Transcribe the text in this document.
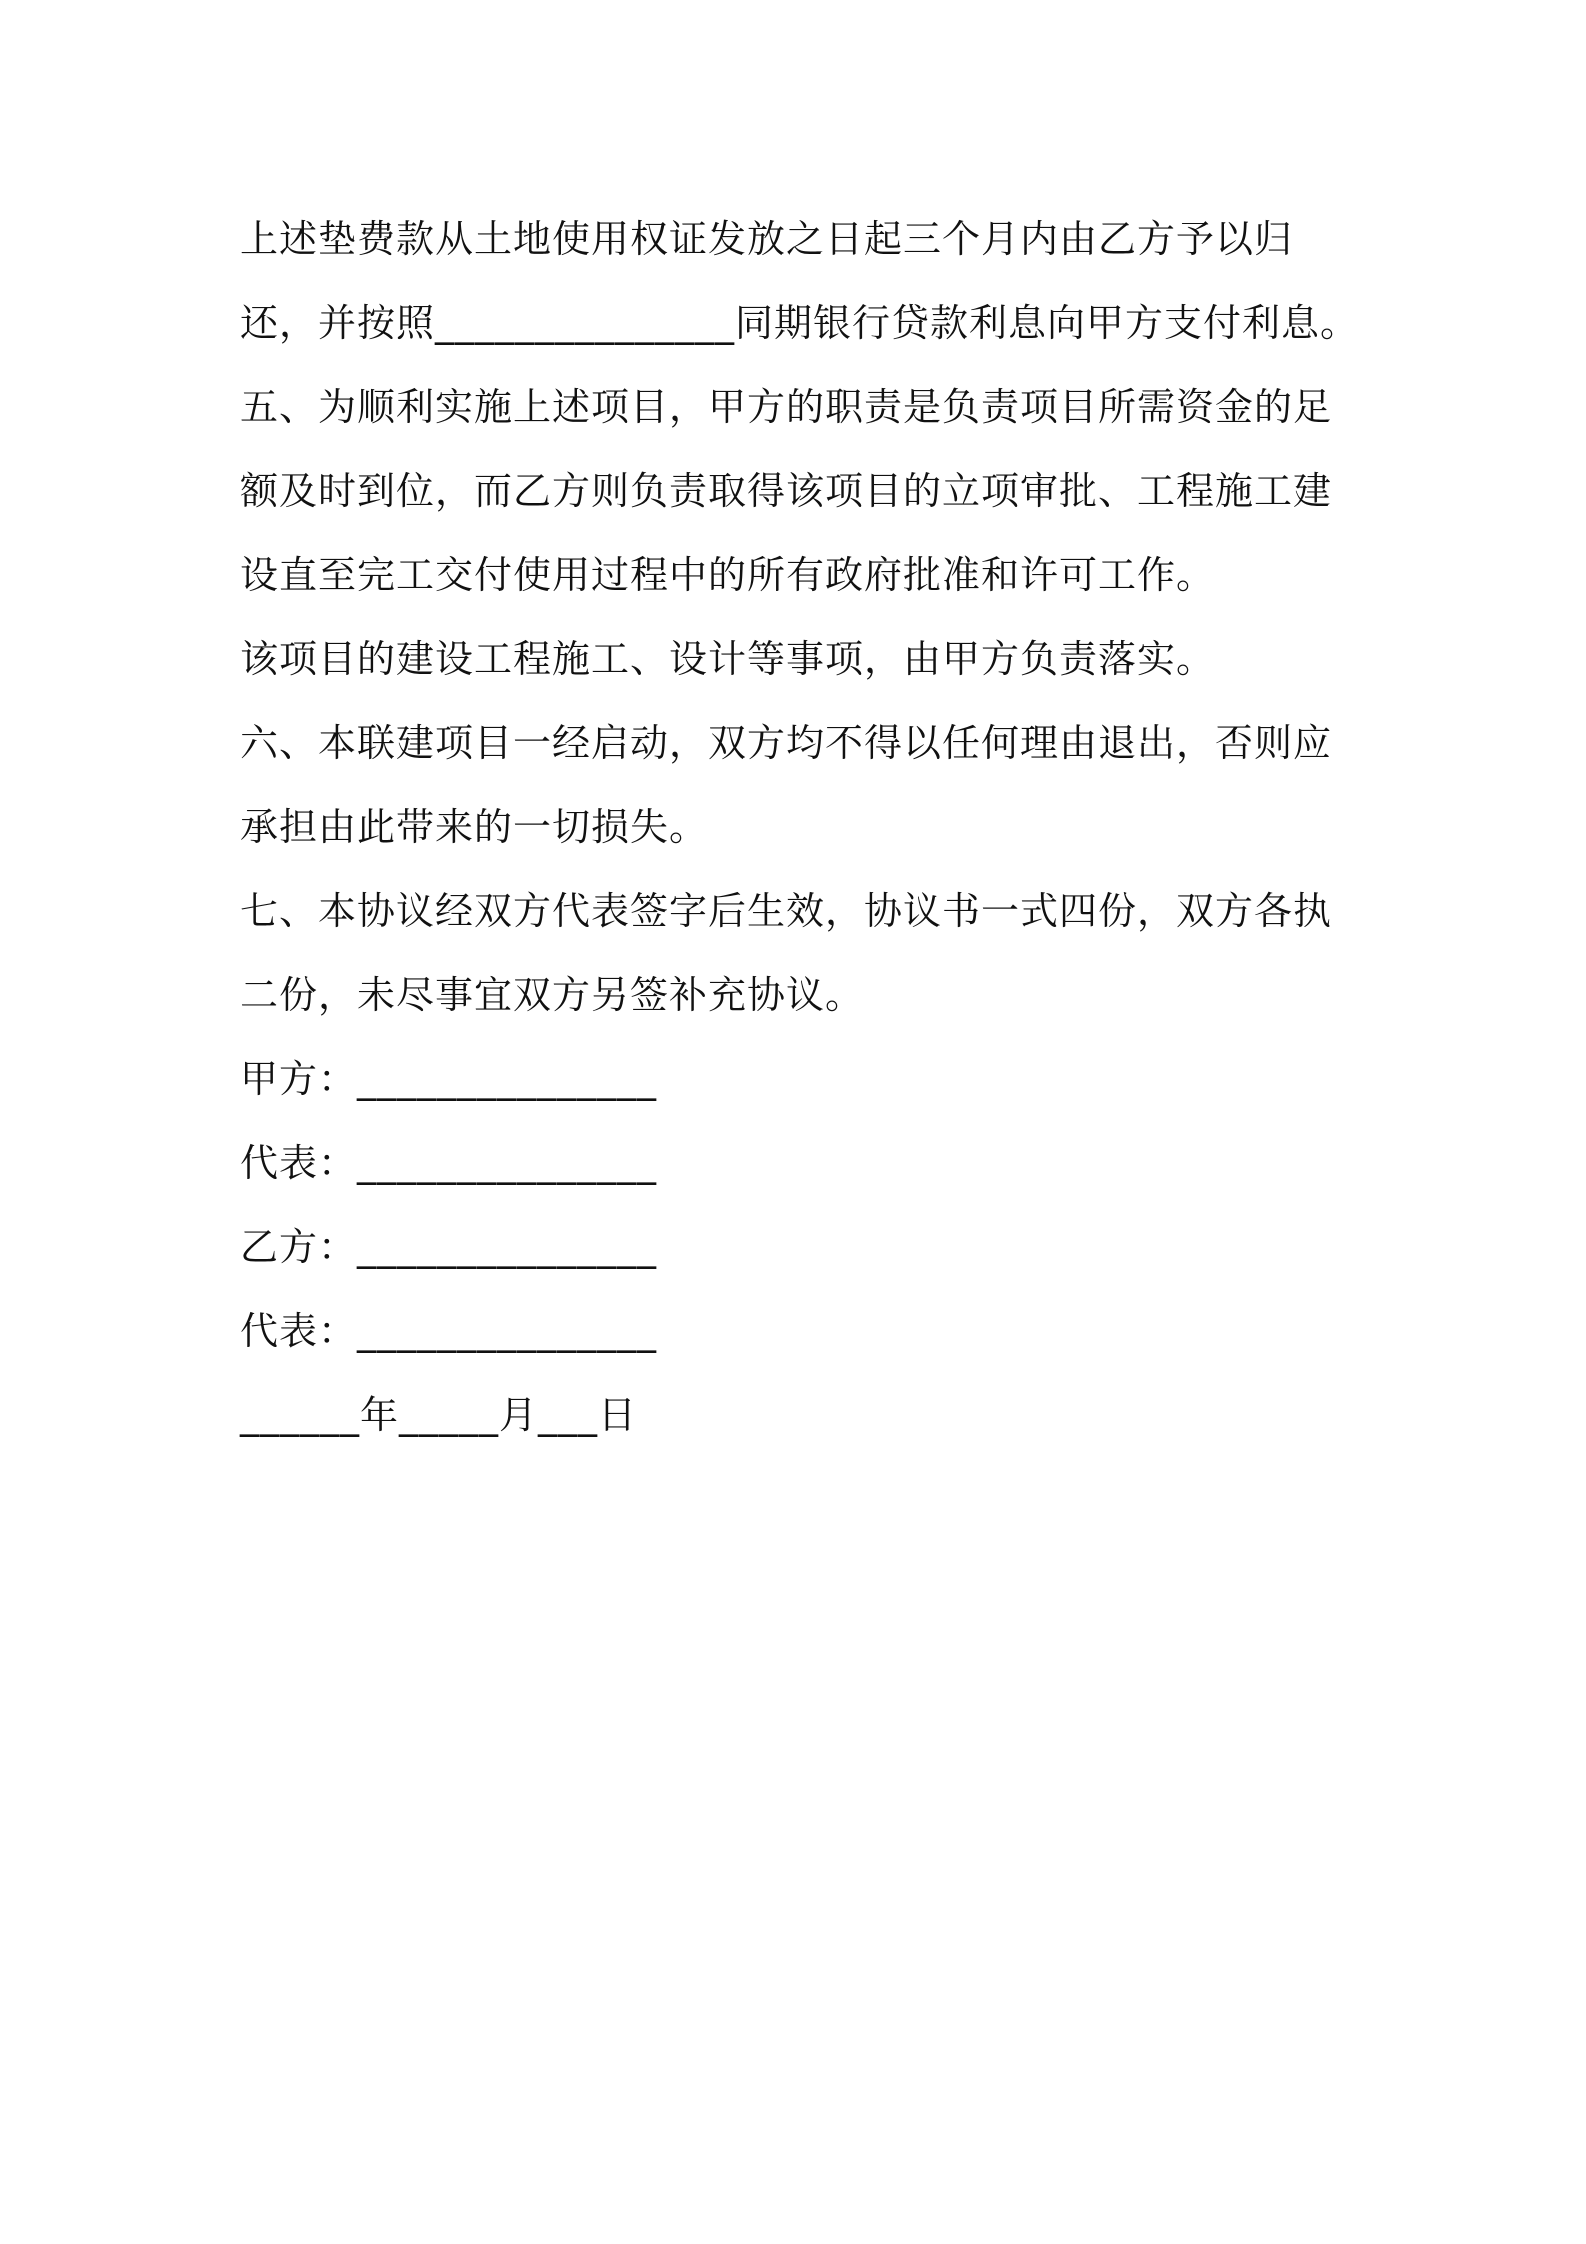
上述垫费款从土地使用权证发放之日起三个月内由乙方予以归
还，并按照_______________同期银行贷款利息向甲方支付利息。
五、为顺利实施上述项目，甲方的职责是负责项目所需资金的足
额及时到位，而乙方则负责取得该项目的立项审批、工程施工建
设直至完工交付使用过程中的所有政府批准和许可工作。
该项目的建设工程施工、设计等事项，由甲方负责落实。
六、本联建项目一经启动，双方均不得以任何理由退出，否则应
承担由此带来的一切损失。
七、本协议经双方代表签字后生效，协议书一式四份，双方各执
二份，未尽事宜双方另签补充协议。
甲方：_______________
代表：_______________
乙方：_______________
代表：_______________
______年_____月___日
